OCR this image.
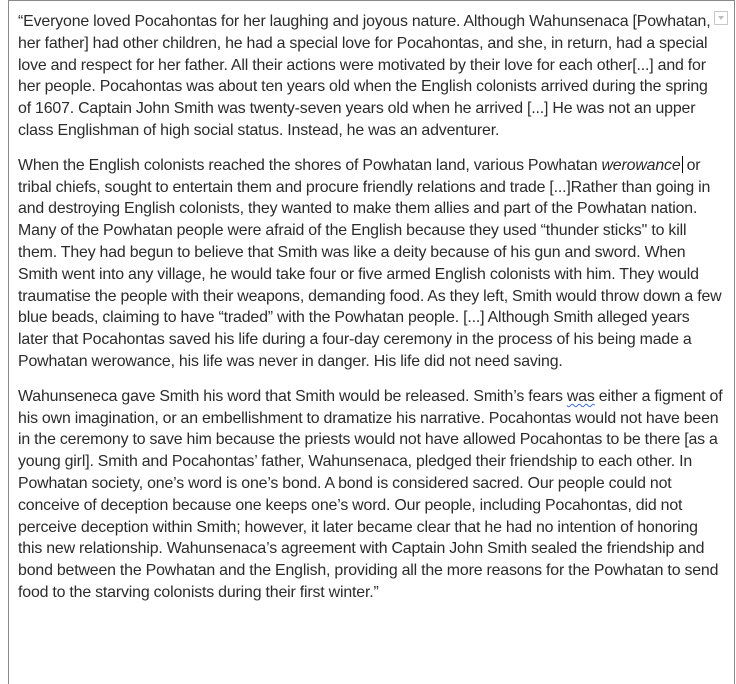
“Everyone loved Pocahontas for her laughing and joyous nature. Although Wahunsenaca [Powhatan, her father] had other children, he had a special love for Pocahontas, and she, in return, had a special love and respect for her father. All their actions were motivated by their love for each other[...] and for her people. Pocahontas was about ten years old when the English colonists arrived during the spring of 1607. Captain John Smith was twenty-seven years old when he arrived [...] He was not an upper class Englishman of high social status. Instead, he was an adventurer.

When the English colonists reached the shores of Powhatan land, various Powhatan werowance or tribal chiefs, sought to entertain them and procure friendly relations and trade [...]Rather than going in and destroying English colonists, they wanted to make them allies and part of the Powhatan nation. Many of the Powhatan people were afraid of the English because they used “thunder sticks'' to kill them. They had begun to believe that Smith was like a deity because of his gun and sword. When Smith went into any village, he would take four or five armed English colonists with him. They would traumatise the people with their weapons, demanding food. As they left, Smith would throw down a few blue beads, claiming to have “traded” with the Powhatan people. [...] Although Smith alleged years later that Pocahontas saved his life during a four-day ceremony in the process of his being made a Powhatan werowance, his life was never in danger. His life did not need saving.

Wahunseneca gave Smith his word that Smith would be released. Smith’s fears was either a figment of his own imagination, or an embellishment to dramatize his narrative. Pocahontas would not have been in the ceremony to save him because the priests would not have allowed Pocahontas to be there [as a young girl]. Smith and Pocahontas’ father, Wahunsenaca, pledged their friendship to each other. In Powhatan society, one’s word is one’s bond. A bond is considered sacred. Our people could not conceive of deception because one keeps one’s word. Our people, including Pocahontas, did not perceive deception within Smith; however, it later became clear that he had no intention of honoring this new relationship. Wahunsenaca’s agreement with Captain John Smith sealed the friendship and bond between the Powhatan and the English, providing all the more reasons for the Powhatan to send food to the starving colonists during their first winter.”
